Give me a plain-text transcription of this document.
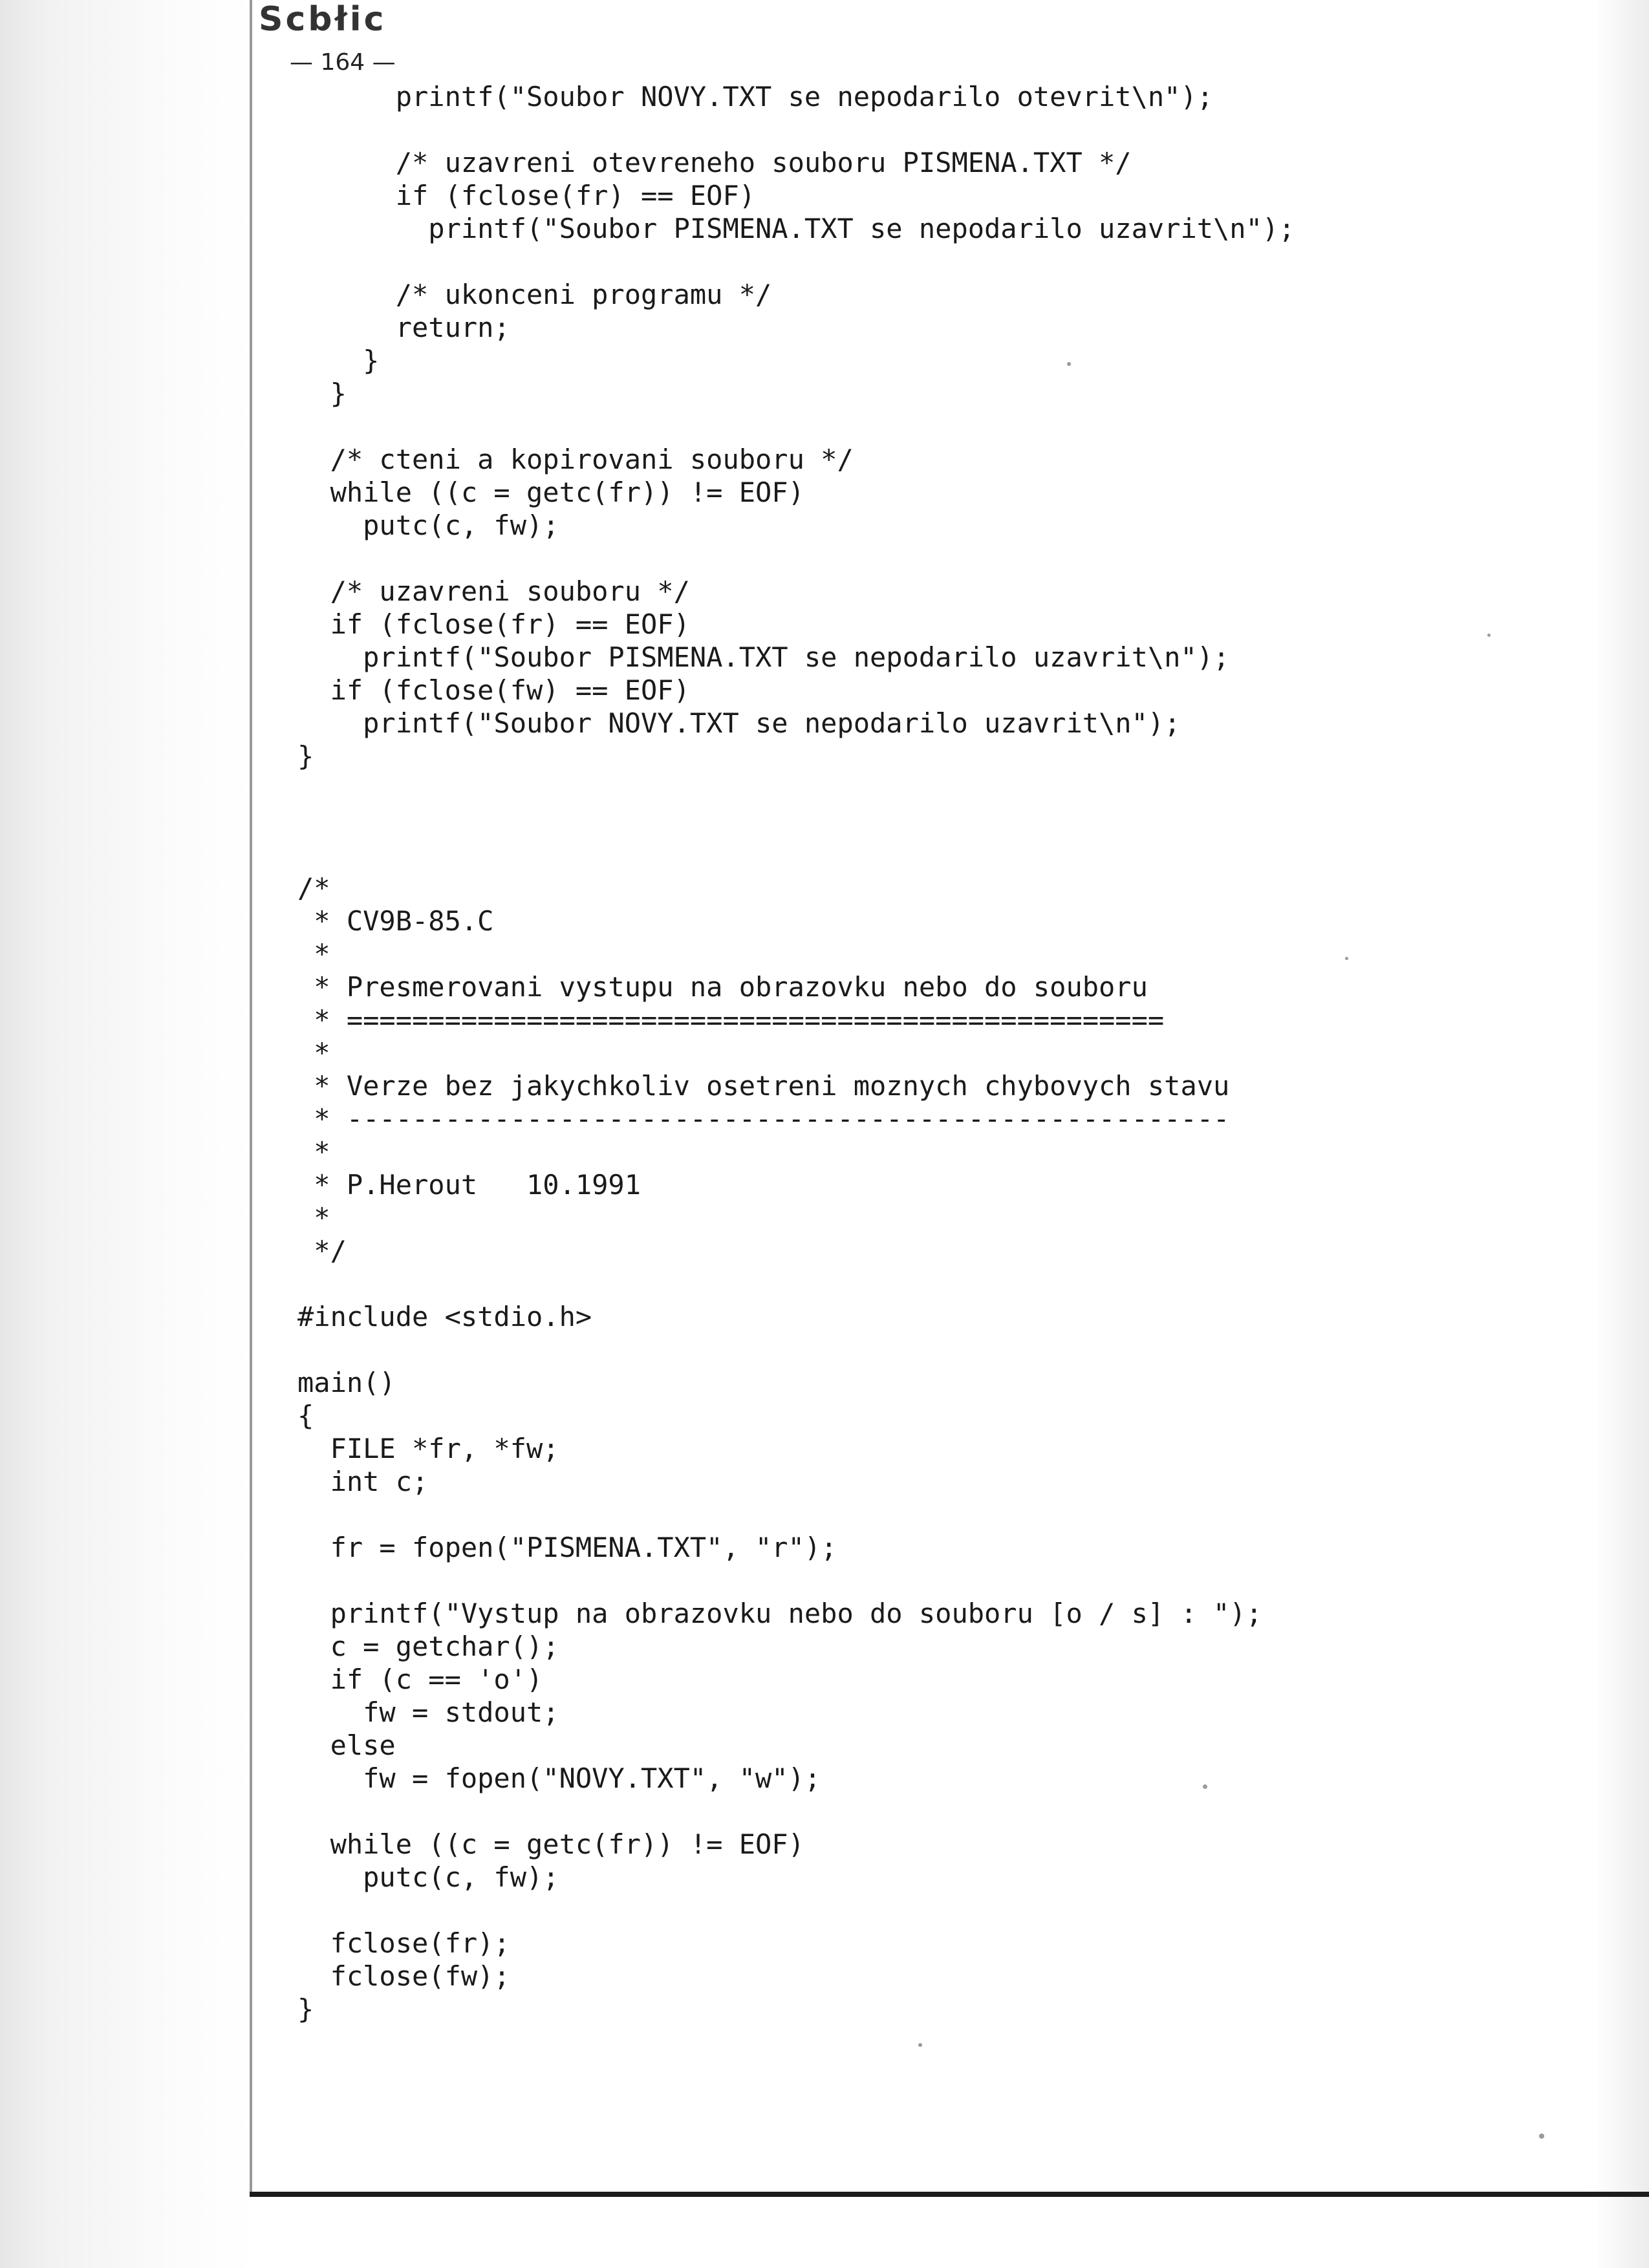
Scbłic
— 164 —
printf("Soubor NOVY.TXT se nepodarilo otevrit\n");
/* uzavreni otevreneho souboru PISMENA.TXT */
if (fclose(fr) == EOF)
printf("Soubor PISMENA.TXT se nepodarilo uzavrit\n");
/* ukonceni programu */
return;
}
}
/* cteni a kopirovani souboru */
while ((c = getc(fr)) != EOF)
putc(c, fw);
/* uzavreni souboru */
if (fclose(fr) == EOF)
printf("Soubor PISMENA.TXT se nepodarilo uzavrit\n");
if (fclose(fw) == EOF)
printf("Soubor NOVY.TXT se nepodarilo uzavrit\n");
}
/*
* CV9B-85.C
*
* Presmerovani vystupu na obrazovku nebo do souboru
* ==================================================
*
* Verze bez jakychkoliv osetreni moznych chybovych stavu
* ------------------------------------------------------
*
* P.Herout   10.1991
*
*/
#include <stdio.h>
main()
{
FILE *fr, *fw;
int c;
fr = fopen("PISMENA.TXT", "r");
printf("Vystup na obrazovku nebo do souboru [o / s] : ");
c = getchar();
if (c == 'o')
fw = stdout;
else
fw = fopen("NOVY.TXT", "w");
while ((c = getc(fr)) != EOF)
putc(c, fw);
fclose(fr);
fclose(fw);
}
